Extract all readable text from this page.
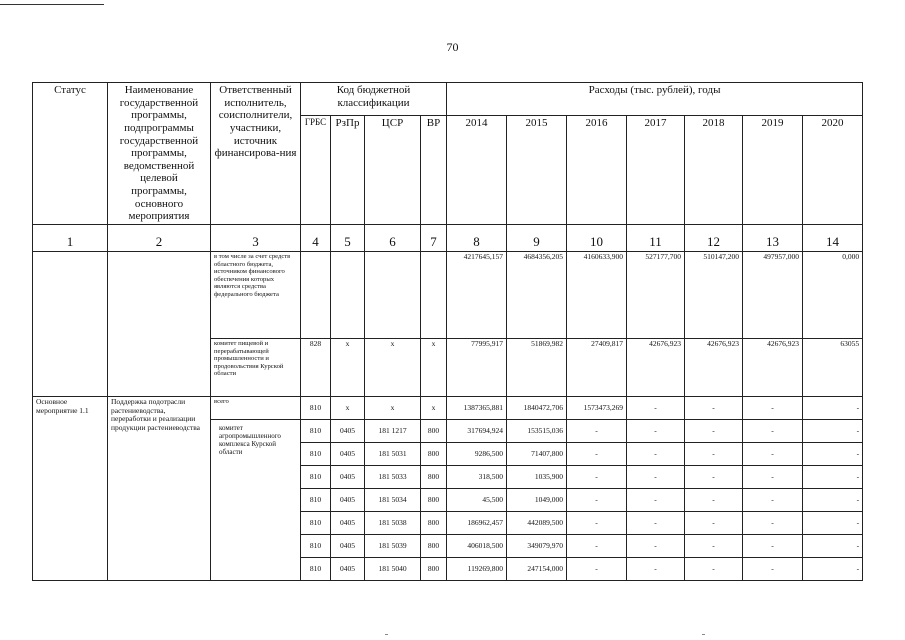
70
Статус	Наименование государственной программы, подпрограммы государственной программы, ведомственной целевой программы, основного мероприятия	Ответственный исполнитель, соисполнители, участники, источник финансирова-ния	Код бюджетной классификации				Расходы (тыс. рублей), годы						
			ГРБС	РзПр	ЦСР	ВР	2014	2015	2016	2017	2018	2019	2020
1	2	3	4	5	6	7	8	9	10	11	12	13	14
		в том числе за счет средств областного бюджета, источником финансового обеспечения которых являются средства федерального бюджета					4217645,157	4684356,205	4160633,900	527177,700	510147,200	497957,000	0,000
		комитет пищевой и перерабатывающей промышленности и продовольствия Курской области	828	х	х	х	77995,917	51869,982	27409,817	42676,923	42676,923	42676,923	63055
Основное мероприятие 1.1	Поддержка подотрасли растениеводства, переработки и реализации продукции растениеводства	всего	810	х	х	х	1387365,881	1840472,706	1573473,269	-	-	-	-
		комитет агропромышленного комплекса Курской области	810	0405	181 1217	800	317694,924	153515,036	-	-	-	-	-
			810	0405	181 5031	800	9286,500	71407,800	-	-	-	-	-
			810	0405	181 5033	800	318,500	1035,900	-	-	-	-	-
			810	0405	181 5034	800	45,500	1049,000	-	-	-	-	-
			810	0405	181 5038	800	186962,457	442089,500	-	-	-	-	-
			810	0405	181 5039	800	406018,500	349079,970	-	-	-	-	-
			810	0405	181 5040	800	119269,800	247154,000	-	-	-	-	-
